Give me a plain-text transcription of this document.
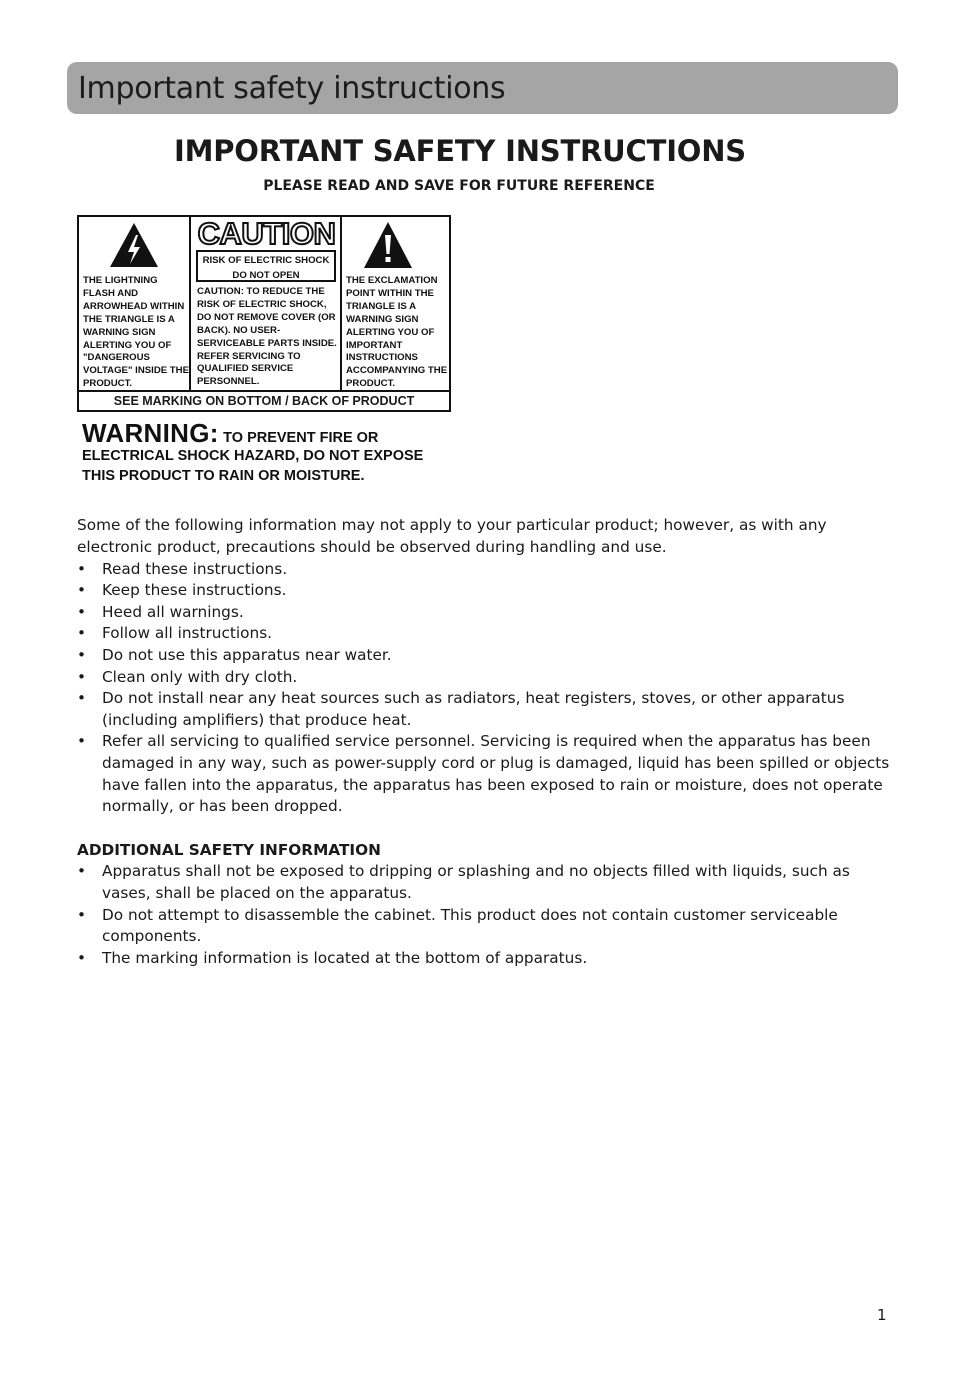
Important safety instructions
IMPORTANT SAFETY INSTRUCTIONS
PLEASE READ AND SAVE FOR FUTURE REFERENCE
THE LIGHTNING FLASH AND ARROWHEAD WITHIN THE TRIANGLE IS A WARNING SIGN ALERTING YOU OF "DANGEROUS VOLTAGE" INSIDE THE PRODUCT.
CAUTION
RISK OF ELECTRIC SHOCK
DO NOT OPEN
CAUTION: TO REDUCE THE RISK OF ELECTRIC SHOCK, DO NOT REMOVE COVER (OR BACK). NO USER-SERVICEABLE PARTS INSIDE. REFER SERVICING TO QUALIFIED SERVICE PERSONNEL.
THE EXCLAMATION POINT WITHIN THE TRIANGLE IS A WARNING SIGN ALERTING YOU OF IMPORTANT INSTRUCTIONS ACCOMPANYING THE PRODUCT.
SEE MARKING ON BOTTOM / BACK OF PRODUCT
WARNING: TO PREVENT FIRE OR
ELECTRICAL SHOCK HAZARD, DO NOT EXPOSE
THIS PRODUCT TO RAIN OR MOISTURE.

Some of the following information may not apply to your particular product; however, as with any electronic product, precautions should be observed during handling and use.

• Read these instructions.
• Keep these instructions.
• Heed all warnings.
• Follow all instructions.
• Do not use this apparatus near water.
• Clean only with dry cloth.
• Do not install near any heat sources such as radiators, heat registers, stoves, or other apparatus (including amplifiers) that produce heat.
• Refer all servicing to qualified service personnel. Servicing is required when the apparatus has been damaged in any way, such as power-supply cord or plug is damaged, liquid has been spilled or objects have fallen into the apparatus, the apparatus has been exposed to rain or moisture, does not operate normally, or has been dropped.
ADDITIONAL SAFETY INFORMATION
• Apparatus shall not be exposed to dripping or splashing and no objects filled with liquids, such as vases, shall be placed on the apparatus.
• Do not attempt to disassemble the cabinet. This product does not contain customer serviceable components.
• The marking information is located at the bottom of apparatus.
1
